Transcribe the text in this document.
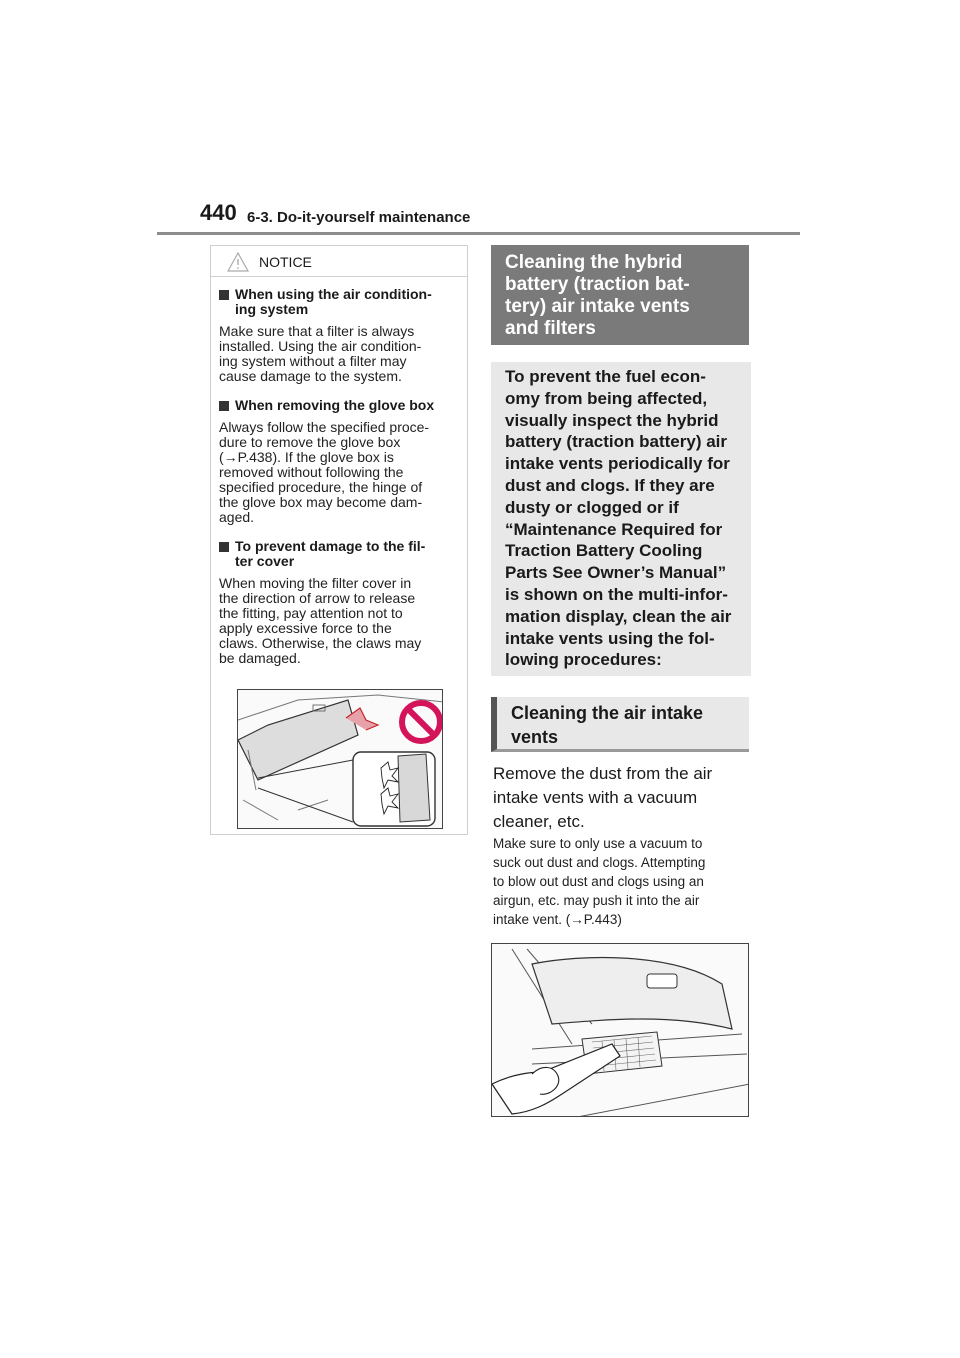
440 6-3. Do-it-yourself maintenance
NOTICE
When using the air condition-
ing system
Make sure that a filter is always
installed. Using the air condition-
ing system without a filter may
cause damage to the system.
When removing the glove box
Always follow the specified proce-
dure to remove the glove box
(→P.438). If the glove box is
removed without following the
specified procedure, the hinge of
the glove box may become dam-
aged.
To prevent damage to the fil-
ter cover
When moving the filter cover in
the direction of arrow to release
the fitting, pay attention not to
apply excessive force to the
claws. Otherwise, the claws may
be damaged.
Cleaning the hybrid
battery (traction bat-
tery) air intake vents
and filters
To prevent the fuel econ-
omy from being affected,
visually inspect the hybrid
battery (traction battery) air
intake vents periodically for
dust and clogs. If they are
dusty or clogged or if
“Maintenance Required for
Traction Battery Cooling
Parts See Owner’s Manual”
is shown on the multi-infor-
mation display, clean the air
intake vents using the fol-
lowing procedures:
Cleaning the air intake
vents
Remove the dust from the air
intake vents with a vacuum
cleaner, etc.
Make sure to only use a vacuum to
suck out dust and clogs. Attempting
to blow out dust and clogs using an
airgun, etc. may push it into the air
intake vent. (→P.443)
